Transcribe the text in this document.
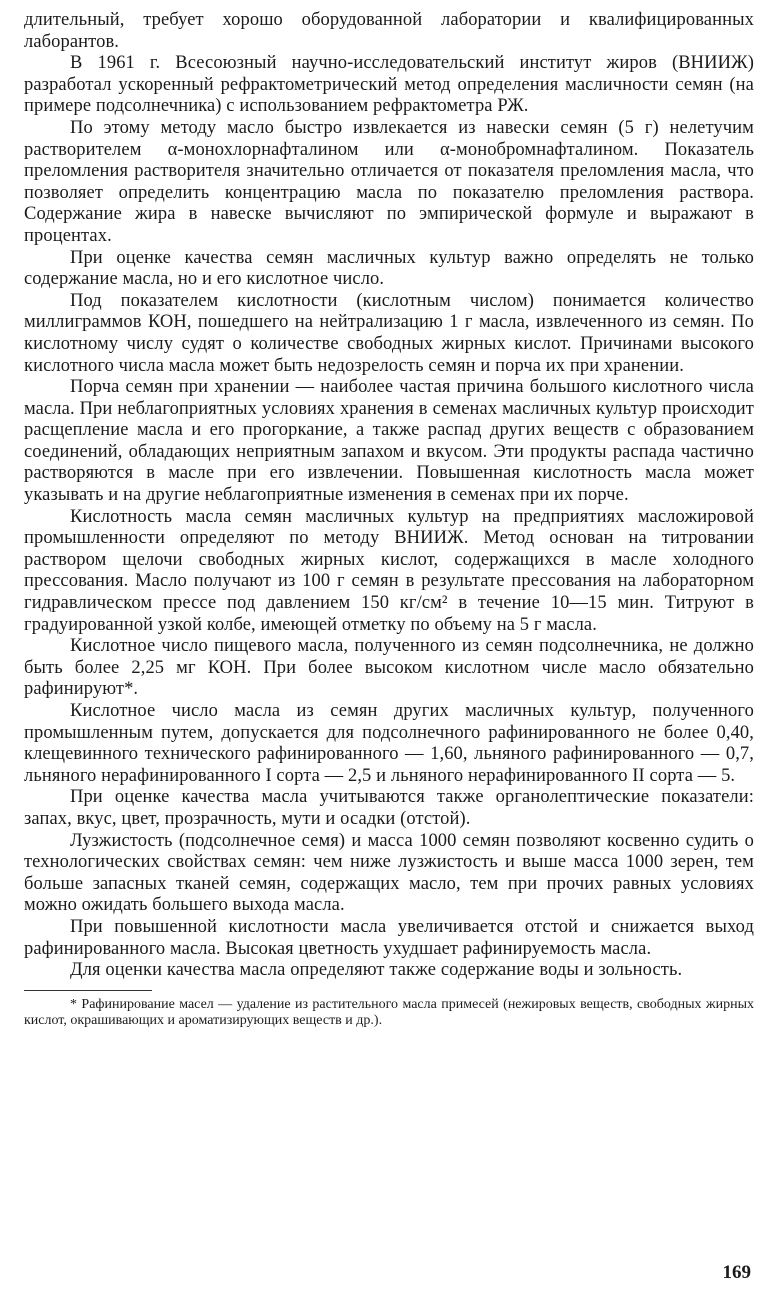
длительный, требует хорошо оборудованной лаборатории и квалифицированных лаборантов.

В 1961 г. Всесоюзный научно-исследовательский институт жиров (ВНИИЖ) разработал ускоренный рефрактометрический метод определения масличности семян (на примере подсолнечника) с использованием рефрактометра РЖ.

По этому методу масло быстро извлекается из навески семян (5 г) нелетучим растворителем α-монохлорнафталином или α-монобромнафталином. Показатель преломления растворителя значительно отличается от показателя преломления масла, что позволяет определить концентрацию масла по показателю преломления раствора. Содержание жира в навеске вычисляют по эмпирической формуле и выражают в процентах.

При оценке качества семян масличных культур важно определять не только содержание масла, но и его кислотное число.

Под показателем кислотности (кислотным числом) понимается количество миллиграммов КОН, пошедшего на нейтрализацию 1 г масла, извлеченного из семян. По кислотному числу судят о количестве свободных жирных кислот. Причинами высокого кислотного числа масла может быть недозрелость семян и порча их при хранении.

Порча семян при хранении — наиболее частая причина большого кислотного числа масла. При неблагоприятных условиях хранения в семенах масличных культур происходит расщепление масла и его прогоркание, а также распад других веществ с образованием соединений, обладающих неприятным запахом и вкусом. Эти продукты распада частично растворяются в масле при его извлечении. Повышенная кислотность масла может указывать и на другие неблагоприятные изменения в семенах при их порче.

Кислотность масла семян масличных культур на предприятиях масложировой промышленности определяют по методу ВНИИЖ. Метод основан на титровании раствором щелочи свободных жирных кислот, содержащихся в масле холодного прессования. Масло получают из 100 г семян в результате прессования на лабораторном гидравлическом прессе под давлением 150 кг/см² в течение 10—15 мин. Титруют в градуированной узкой колбе, имеющей отметку по объему на 5 г масла.

Кислотное число пищевого масла, полученного из семян подсолнечника, не должно быть более 2,25 мг КОН. При более высоком кислотном числе масло обязательно рафинируют*.

Кислотное число масла из семян других масличных культур, полученного промышленным путем, допускается для подсолнечного рафинированного не более 0,40, клещевинного технического рафинированного — 1,60, льняного рафинированного — 0,7, льняного нерафинированного I сорта — 2,5 и льняного нерафинированного II сорта — 5.

При оценке качества масла учитываются также органолептические показатели: запах, вкус, цвет, прозрачность, мути и осадки (отстой).

Лузжистость (подсолнечное семя) и масса 1000 семян позволяют косвенно судить о технологических свойствах семян: чем ниже лузжистость и выше масса 1000 зерен, тем больше запасных тканей семян, содержащих масло, тем при прочих равных условиях можно ожидать большего выхода масла.

При повышенной кислотности масла увеличивается отстой и снижается выход рафинированного масла. Высокая цветность ухудшает рафинируемость масла.

Для оценки качества масла определяют также содержание воды и зольность.

* Рафинирование масел — удаление из растительного масла примесей (нежировых веществ, свободных жирных кислот, окрашивающих и ароматизирующих веществ и др.).

169
